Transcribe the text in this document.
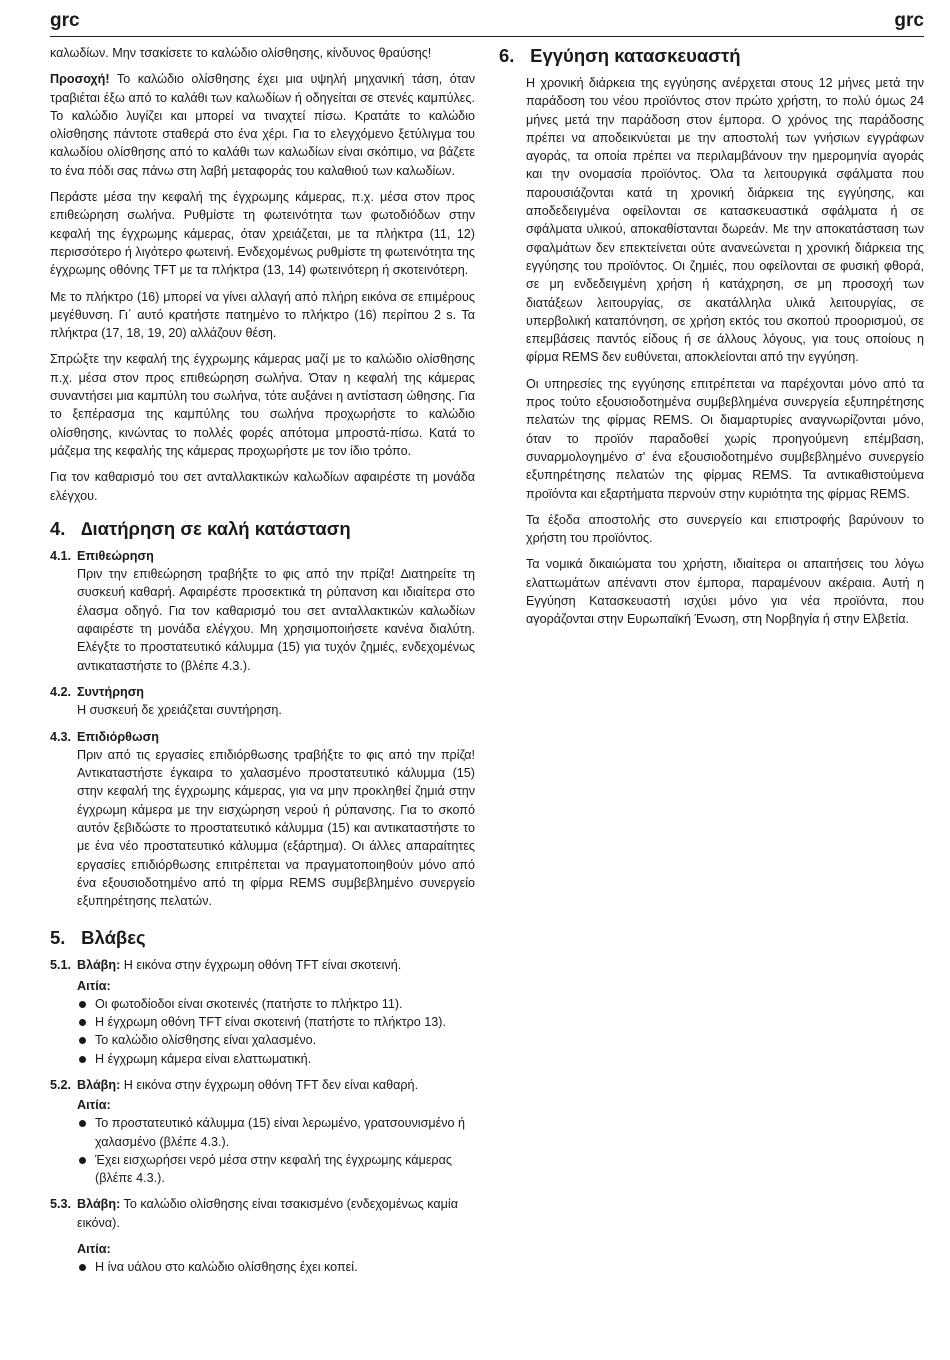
grc	grc

καλωδίων. Μην τσακίσετε το καλώδιο ολίσθησης, κίνδυνος θραύσης!

Προσοχή! Το καλώδιο ολίσθησης έχει μια υψηλή μηχανική τάση, όταν τραβιέται έξω από το καλάθι των καλωδίων ή οδηγείται σε στενές καμπύλες. Το καλώδιο λυγίζει και μπορεί να τιναχτεί πίσω. Κρατάτε το καλώδιο ολίσθησης πάντοτε σταθερά στο ένα χέρι. Για το ελεγχόμενο ξετύλιγμα του καλωδίου ολίσθησης από το καλάθι των καλωδίων είναι σκόπιμο, να βάζετε το ένα πόδι σας πάνω στη λαβή μεταφοράς του καλαθιού των καλωδίων.

Περάστε μέσα την κεφαλή της έγχρωμης κάμερας, π.χ. μέσα στον προς επιθεώρηση σωλήνα. Ρυθμίστε τη φωτεινότητα των φωτοδιόδων στην κεφαλή της έγχρωμης κάμερας, όταν χρειάζεται, με τα πλήκτρα (11, 12) περισσότερο ή λιγότερο φωτεινή. Ενδεχομένως ρυθμίστε τη φωτεινότητα της έγχρωμης οθόνης TFT με τα πλήκτρα (13, 14) φωτεινότερη ή σκοτεινότερη.

Με το πλήκτρο (16) μπορεί να γίνει αλλαγή από πλήρη εικόνα σε επιμέρους μεγέθυνση. Γι΄ αυτό κρατήστε πατημένο το πλήκτρο (16) περίπου 2 s. Τα πλήκτρα (17, 18, 19, 20) αλλάζουν θέση.

Σπρώξτε την κεφαλή της έγχρωμης κάμερας μαζί με το καλώδιο ολίσθησης π.χ. μέσα στον προς επιθεώρηση σωλήνα. Όταν η κεφαλή της κάμερας συναντήσει μια καμπύλη του σωλήνα, τότε αυξάνει η αντίσταση ώθησης. Για το ξεπέρασμα της καμπύλης του σωλήνα προχωρήστε το καλώδιο ολίσθησης, κινώντας το πολλές φορές απότομα μπροστά-πίσω. Κατά το μάζεμα της κεφαλής της κάμερας προχωρήστε με τον ίδιο τρόπο.

Για τον καθαρισμό του σετ ανταλλακτικών καλωδίων αφαιρέστε τη μονάδα ελέγχου.

4. ∆ιατήρηση σε καλή κατάσταση
4.1. Επιθεώρηση

Πριν την επιθεώρηση τραβήξτε το φις από την πρίζα! ∆ιατηρείτε τη συσκευή καθαρή. Αφαιρέστε προσεκτικά τη ρύπανση και ιδιαίτερα στο έλασμα οδηγό. Για τον καθαρισμό του σετ ανταλλακτικών καλωδίων αφαιρέστε τη μονάδα ελέγχου. Μη χρησιμοποιήσετε κανένα διαλύτη. Ελέγξτε το προστατευτικό κάλυμμα (15) για τυχόν ζημιές, ενδεχομένως αντικαταστήστε το (βλέπε 4.3.).

4.2. Συντήρηση

Η συσκευή δε χρειάζεται συντήρηση.

4.3. Επιδιόρθωση

Πριν από τις εργασίες επιδιόρθωσης τραβήξτε το φις από την πρίζα! Αντικαταστήστε έγκαιρα το χαλασμένο προστατευτικό κάλυμμα (15) στην κεφαλή της έγχρωμης κάμερας, για να μην προκληθεί ζημιά στην έγχρωμη κάμερα με την εισχώρηση νερού ή ρύπανσης. Για το σκοπό αυτόν ξεβιδώστε το προστατευτικό κάλυμμα (15) και αντικαταστήστε το με ένα νέο προστατευτικό κάλυμμα (εξάρτημα). Οι άλλες απαραίτητες εργασίες επιδιόρθωσης επιτρέπεται να πραγματοποιηθούν μόνο από ένα εξουσιοδοτημένο από τη φίρμα REMS συμβεβλημένο συνεργείο εξυπηρέτησης πελατών.

5. Βλάβες
5.1. Βλάβη: Η εικόνα στην έγχρωμη οθόνη TFT είναι σκοτεινή.
Αιτία:
Οι φωτοδίοδοι είναι σκοτεινές (πατήστε το πλήκτρο 11).
Η έγχρωμη οθόνη TFT είναι σκοτεινή (πατήστε το πλήκτρο 13).
Το καλώδιο ολίσθησης είναι χαλασμένο.
Η έγχρωμη κάμερα είναι ελαττωματική.
5.2. Βλάβη: Η εικόνα στην έγχρωμη οθόνη TFT δεν είναι καθαρή.
Αιτία:
Το προστατευτικό κάλυμμα (15) είναι λερωμένο, γρατσουνισμένο ή χαλασμένο (βλέπε 4.3.).
Έχει εισχωρήσει νερό μέσα στην κεφαλή της έγχρωμης κάμερας (βλέπε 4.3.).
5.3. Βλάβη: Το καλώδιο ολίσθησης είναι τσακισμένο (ενδεχομένως καμία εικόνα).
Αιτία:
Η ίνα υάλου στο καλώδιο ολίσθησης έχει κοπεί.
6. Εγγύηση κατασκευαστή

Η χρονική διάρκεια της εγγύησης ανέρχεται στους 12 μήνες μετά την παράδοση του νέου προϊόντος στον πρώτο χρήστη, το πολύ όμως 24 μήνες μετά την παράδοση στον έμπορα. Ο χρόνος της παράδοσης πρέπει να αποδεικνύεται με την αποστολή των γνήσιων εγγράφων αγοράς, τα οποία πρέπει να περιλαμβάνουν την ημερομηνία αγοράς και την ονομασία προϊόντος. Όλα τα λειτουργικά σφάλματα που παρουσιάζονται κατά τη χρονική διάρκεια της εγγύησης, και αποδεδειγμένα οφείλονται σε κατασκευαστικά σφάλματα ή σε σφάλματα υλικού, αποκαθίστανται δωρεάν. Με την αποκατάσταση των σφαλμάτων δεν επεκτείνεται ούτε ανανεώνεται η χρονική διάρκεια της εγγύησης του προϊόντος. Οι ζημιές, που οφείλονται σε φυσική φθορά, σε μη ενδεδειγμένη χρήση ή κατάχρηση, σε μη προσοχή των διατάξεων λειτουργίας, σε ακατάλληλα υλικά λειτουργίας, σε υπερβολική καταπόνηση, σε χρήση εκτός του σκοπού προορισμού, σε επεμβάσεις παντός είδους ή σε άλλους λόγους, για τους οποίους η φίρμα REMS δεν ευθύνεται, αποκλείονται από την εγγύηση.

Οι υπηρεσίες της εγγύησης επιτρέπεται να παρέχονται μόνο από τα προς τούτο εξουσιοδοτημένα συμβεβλημένα συνεργεία εξυπηρέτησης πελατών της φίρμας REMS. Οι διαμαρτυρίες αναγνωρίζονται μόνο, όταν το προϊόν παραδοθεί χωρίς προηγούμενη επέμβαση, συναρμολογημένο σ' ένα εξουσιοδοτημένο συμβεβλημένο συνεργείο εξυπηρέτησης πελατών της φίρμας REMS. Τα αντικαθιστούμενα προϊόντα και εξαρτήματα περνούν στην κυριότητα της φίρμας REMS.

Τα έξοδα αποστολής στο συνεργείο και επιστροφής βαρύνουν το χρήστη του προϊόντος.

Τα νομικά δικαιώματα του χρήστη, ιδιαίτερα οι απαιτήσεις του λόγω ελαττωμάτων απέναντι στον έμπορα, παραμένουν ακέραια. Αυτή η Εγγύηση Κατασκευαστή ισχύει μόνο για νέα προϊόντα, που αγοράζονται στην Ευρωπαϊκή Ένωση, στη Νορβηγία ή στην Ελβετία.
